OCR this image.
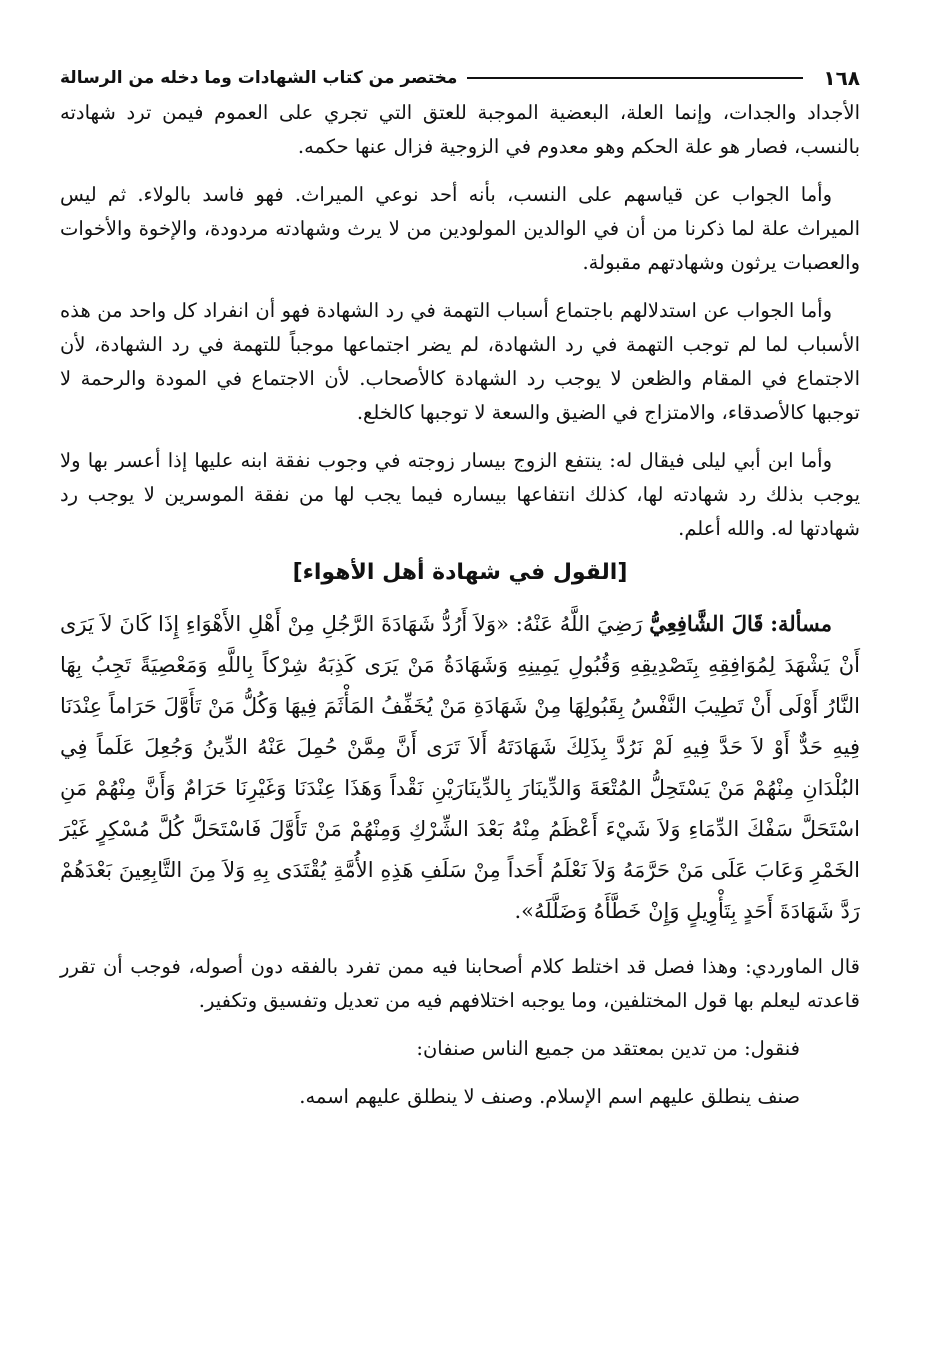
١٦٨
مختصر من كتاب الشهادات وما دخله من الرسالة

الأجداد والجدات، وإنما العلة، البعضية الموجبة للعتق التي تجري على العموم فيمن ترد شهادته بالنسب، فصار هو علة الحكم وهو معدوم في الزوجية فزال عنها حكمه.

وأما الجواب عن قياسهم على النسب، بأنه أحد نوعي الميراث. فهو فاسد بالولاء. ثم ليس الميراث علة لما ذكرنا من أن في الوالدين المولودين من لا يرث وشهادته مردودة، والإخوة والأخوات والعصبات يرثون وشهادتهم مقبولة.

وأما الجواب عن استدلالهم باجتماع أسباب التهمة في رد الشهادة فهو أن انفراد كل واحد من هذه الأسباب لما لم توجب التهمة في رد الشهادة، لم يضر اجتماعها موجباً للتهمة في رد الشهادة، لأن الاجتماع في المقام والظعن لا يوجب رد الشهادة كالأصحاب. لأن الاجتماع في المودة والرحمة لا توجبها كالأصدقاء، والامتزاج في الضيق والسعة لا توجبها كالخلع.

وأما ابن أبي ليلى فيقال له: ينتفع الزوج بيسار زوجته في وجوب نفقة ابنه عليها إذا أعسر بها ولا يوجب بذلك رد شهادته لها، كذلك انتفاعها بيساره فيما يجب لها من نفقة الموسرين لا يوجب رد شهادتها له. والله أعلم.

[القول في شهادة أهل الأهواء]

مسألة: قَالَ الشَّافِعِيُّ رَضِيَ اللَّهُ عَنْهُ: «وَلاَ أَرُدُّ شَهَادَةَ الرَّجُلِ مِنْ أَهْلِ الأَهْوَاءِ إِذَا كَانَ لاَ يَرَى أَنْ يَشْهَدَ لِمُوَافِقِهِ بِتَصْدِيقِهِ وَقُبُولِ يَمِينِهِ وَشَهَادَةُ مَنْ يَرَى كَذِبَهُ شِرْكاً بِاللَّهِ وَمَعْصِيَةً تَجِبُ بِهَا النَّارُ أَوْلَى أَنْ تَطِيبَ النَّفْسُ بِقَبُولِهَا مِنْ شَهَادَةِ مَنْ يُخَفِّفُ المَأْثَمَ فِيهَا وَكُلُّ مَنْ تَأَوَّلَ حَرَاماً عِنْدَنَا فِيهِ حَدٌّ أَوْ لاَ حَدَّ فِيهِ لَمْ نَرُدَّ بِذَلِكَ شَهَادَتَهُ أَلاَ تَرَى أَنَّ مِمَّنْ حُمِلَ عَنْهُ الدِّينُ وَجُعِلَ عَلَماً فِي البُلْدَانِ مِنْهُمْ مَنْ يَسْتَحِلُّ المُتْعَةَ وَالدِّينَارَ بِالدِّينَارَيْنِ نَقْداً وَهَذَا عِنْدَنَا وَغَيْرِنَا حَرَامٌ وَأَنَّ مِنْهُمْ مَنِ اسْتَحَلَّ سَفْكَ الدِّمَاءِ وَلاَ شَيْءَ أَعْظَمُ مِنْهُ بَعْدَ الشِّرْكِ وَمِنْهُمْ مَنْ تَأَوَّلَ فَاسْتَحَلَّ كُلَّ مُسْكِرٍ غَيْرَ الخَمْرِ وَعَابَ عَلَى مَنْ حَرَّمَهُ وَلاَ نَعْلَمُ أَحَداً مِنْ سَلَفِ هَذِهِ الأُمَّةِ يُقْتَدَى بِهِ وَلاَ مِنَ التَّابِعِينَ بَعْدَهُمْ رَدَّ شَهَادَةَ أَحَدٍ بِتَأْوِيلٍ وَإِنْ خَطَّأَهُ وَضَلَّلَهُ».

قال الماوردي: وهذا فصل قد اختلط كلام أصحابنا فيه ممن تفرد بالفقه دون أصوله، فوجب أن تقرر قاعدته ليعلم بها قول المختلفين، وما يوجبه اختلافهم فيه من تعديل وتفسيق وتكفير.

فنقول: من تدين بمعتقد من جميع الناس صنفان:

صنف ينطلق عليهم اسم الإسلام. وصنف لا ينطلق عليهم اسمه.
